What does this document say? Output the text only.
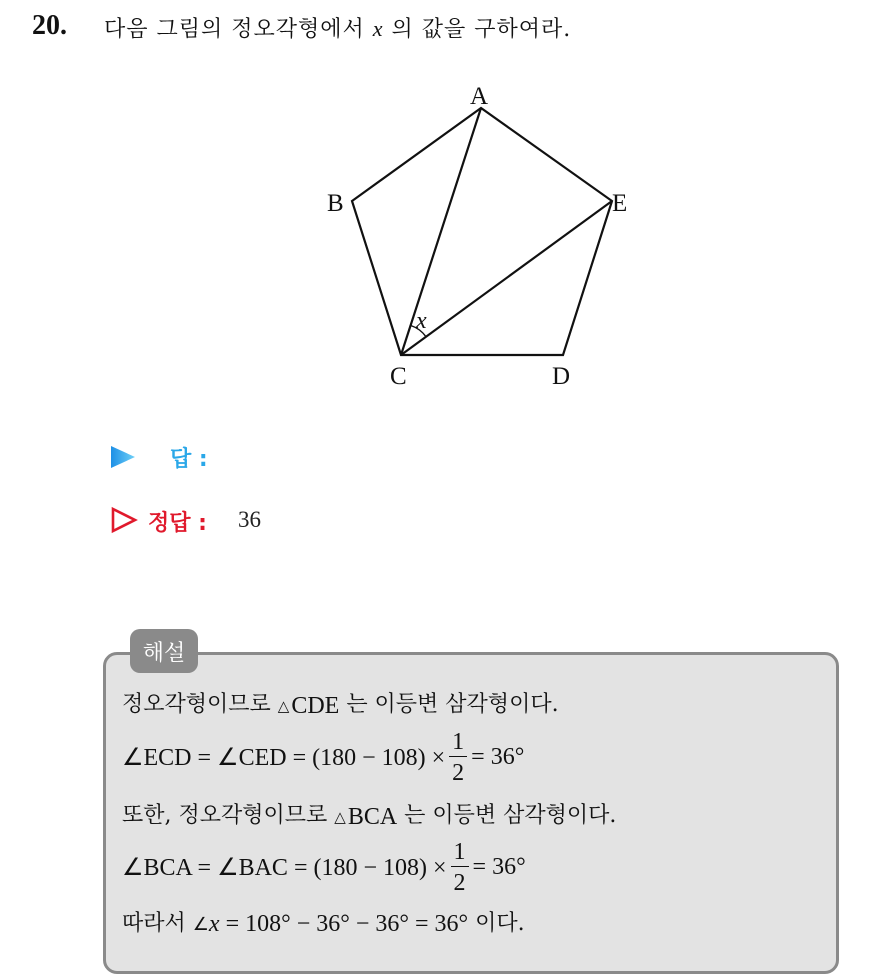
20. 다음 그림의 정오각형에서 x 의 값을 구하여라.
A
B
C	D
E
x
답 :
정답 : 36
해설
정오각형이므로 △ CDE 는 이등변 삼각형이다.
∠ECD = ∠CED = $(180 - 108) \times \frac{1}{2} = 36^\circ$
또한, 정오각형이므로 △ BCA 는 이등변 삼각형이다.
∠BCA = ∠BAC = $(180 - 108) \times \frac{1}{2} = 36^\circ$
따라서 ∠ x
= 108° − 36° − 36° = 36° 이다.
